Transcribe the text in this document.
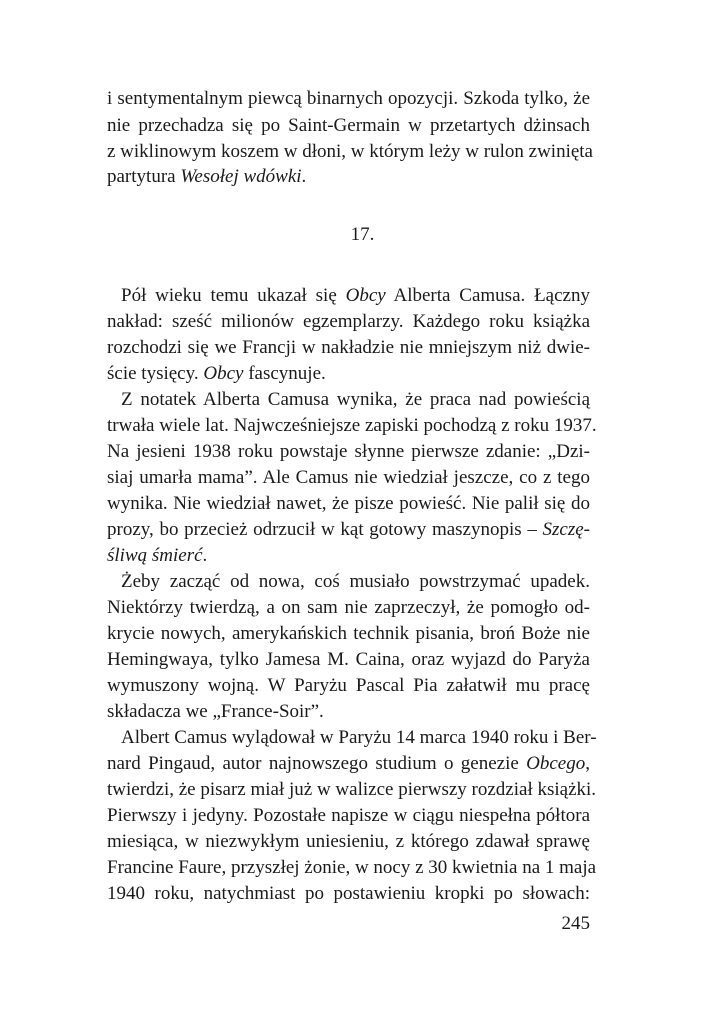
i sentymentalnym piewcą binarnych opozycji. Szkoda tylko, że
nie przechadza się po Saint-Germain w przetartych dżinsach
z wiklinowym koszem w dłoni, w którym leży w rulon zwinięta
partytura Wesołej wdówki.
17.
Pół wieku temu ukazał się Obcy Alberta Camusa. Łączny
nakład: sześć milionów egzemplarzy. Każdego roku książka
rozchodzi się we Francji w nakładzie nie mniejszym niż dwie-
ście tysięcy. Obcy fascynuje.
Z notatek Alberta Camusa wynika, że praca nad powieścią
trwała wiele lat. Najwcześniejsze zapiski pochodzą z roku 1937.
Na jesieni 1938 roku powstaje słynne pierwsze zdanie: „Dzi-
siaj umarła mama”. Ale Camus nie wiedział jeszcze, co z tego
wynika. Nie wiedział nawet, że pisze powieść. Nie palił się do
prozy, bo przecież odrzucił w kąt gotowy maszynopis – Szczę-
śliwą śmierć.
Żeby zacząć od nowa, coś musiało powstrzymać upadek.
Niektórzy twierdzą, a on sam nie zaprzeczył, że pomogło od-
krycie nowych, amerykańskich technik pisania, broń Boże nie
Hemingwaya, tylko Jamesa M. Caina, oraz wyjazd do Paryża
wymuszony wojną. W Paryżu Pascal Pia załatwił mu pracę
składacza we „France-Soir”.
Albert Camus wylądował w Paryżu 14 marca 1940 roku i Ber-
nard Pingaud, autor najnowszego studium o genezie Obcego,
twierdzi, że pisarz miał już w walizce pierwszy rozdział książki.
Pierwszy i jedyny. Pozostałe napisze w ciągu niespełna półtora
miesiąca, w niezwykłym uniesieniu, z którego zdawał sprawę
Francine Faure, przyszłej żonie, w nocy z 30 kwietnia na 1 maja
1940 roku, natychmiast po postawieniu kropki po słowach:
245
